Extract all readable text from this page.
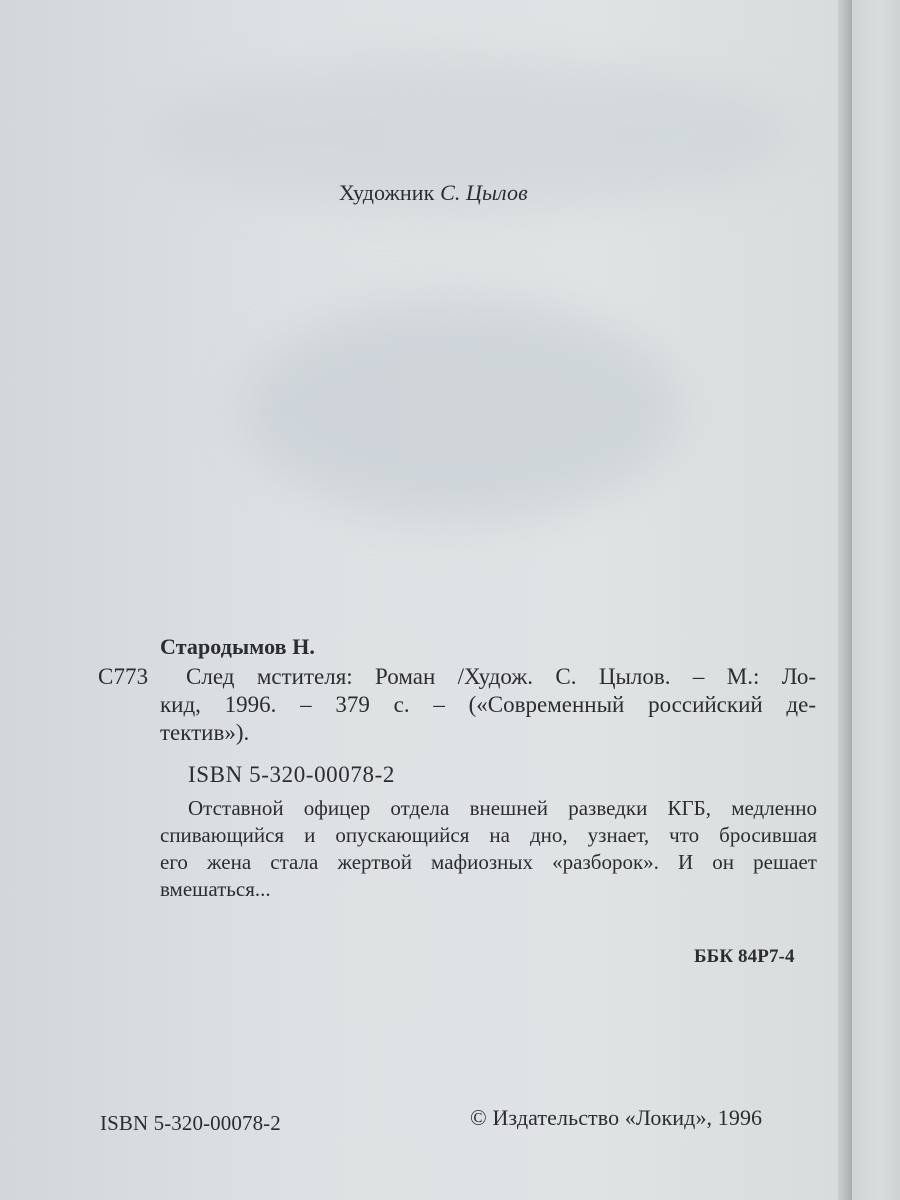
Художник С. Цылов
Стародымов Н.
С773 След мстителя: Роман /Худож. С. Цылов. – М.: Ло-
кид, 1996. – 379 с. – («Современный российский де-
тектив»).
ISBN 5-320-00078-2
Отставной офицер отдела внешней разведки КГБ, медленно
спивающийся и опускающийся на дно, узнает, что бросившая
его жена стала жертвой мафиозных «разборок». И он решает
вмешаться...
ББК 84Р7-4
ISBN 5-320-00078-2	© Издательство «Локид», 1996
